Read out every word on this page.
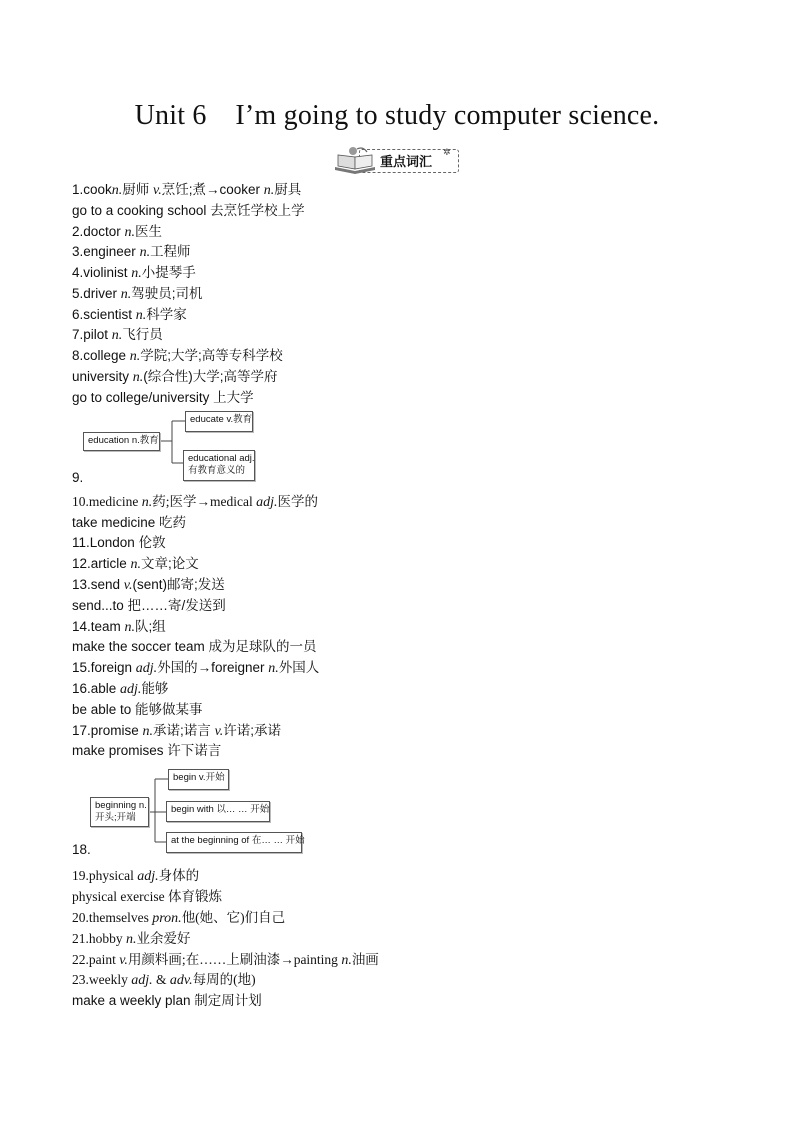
Unit 6    I’m going to study computer science.
重点词汇
✲
1.cookn.厨师 v.烹饪;煮→cooker n.厨具
go to a cooking school 去烹饪学校上学
2.doctor n.医生
3.engineer n.工程师
4.violinist n.小提琴手
5.driver n.驾驶员;司机
6.scientist n.科学家
7.pilot n.飞行员
8.college n.学院;大学;高等专科学校
university n.(综合性)大学;高等学府
go to college/university 上大学
education n.教育
educate v.教育
educational adj.
有教育意义的
9.
10.medicine n.药;医学→medical adj.医学的
take medicine 吃药
11.London 伦敦
12.article n.文章;论文
13.send v.(sent)邮寄;发送
send...to 把……寄/发送到
14.team n.队;组
make the soccer team 成为足球队的一员
15.foreign adj.外国的→foreigner n.外国人
16.able adj.能够
be able to 能够做某事
17.promise n.承诺;诺言 v.许诺;承诺
make promises 许下诺言
beginning n.
开头;开端
begin v.开始
begin with 以… … 开始
at the beginning of 在… … 开始
18.
19.physical adj.身体的
physical exercise 体育锻炼
20.themselves pron.他(她、它)们自己
21.hobby n.业余爱好
22.paint v.用颜料画;在……上刷油漆→painting n.油画
23.weekly adj. & adv.每周的(地)
make a weekly plan 制定周计划
